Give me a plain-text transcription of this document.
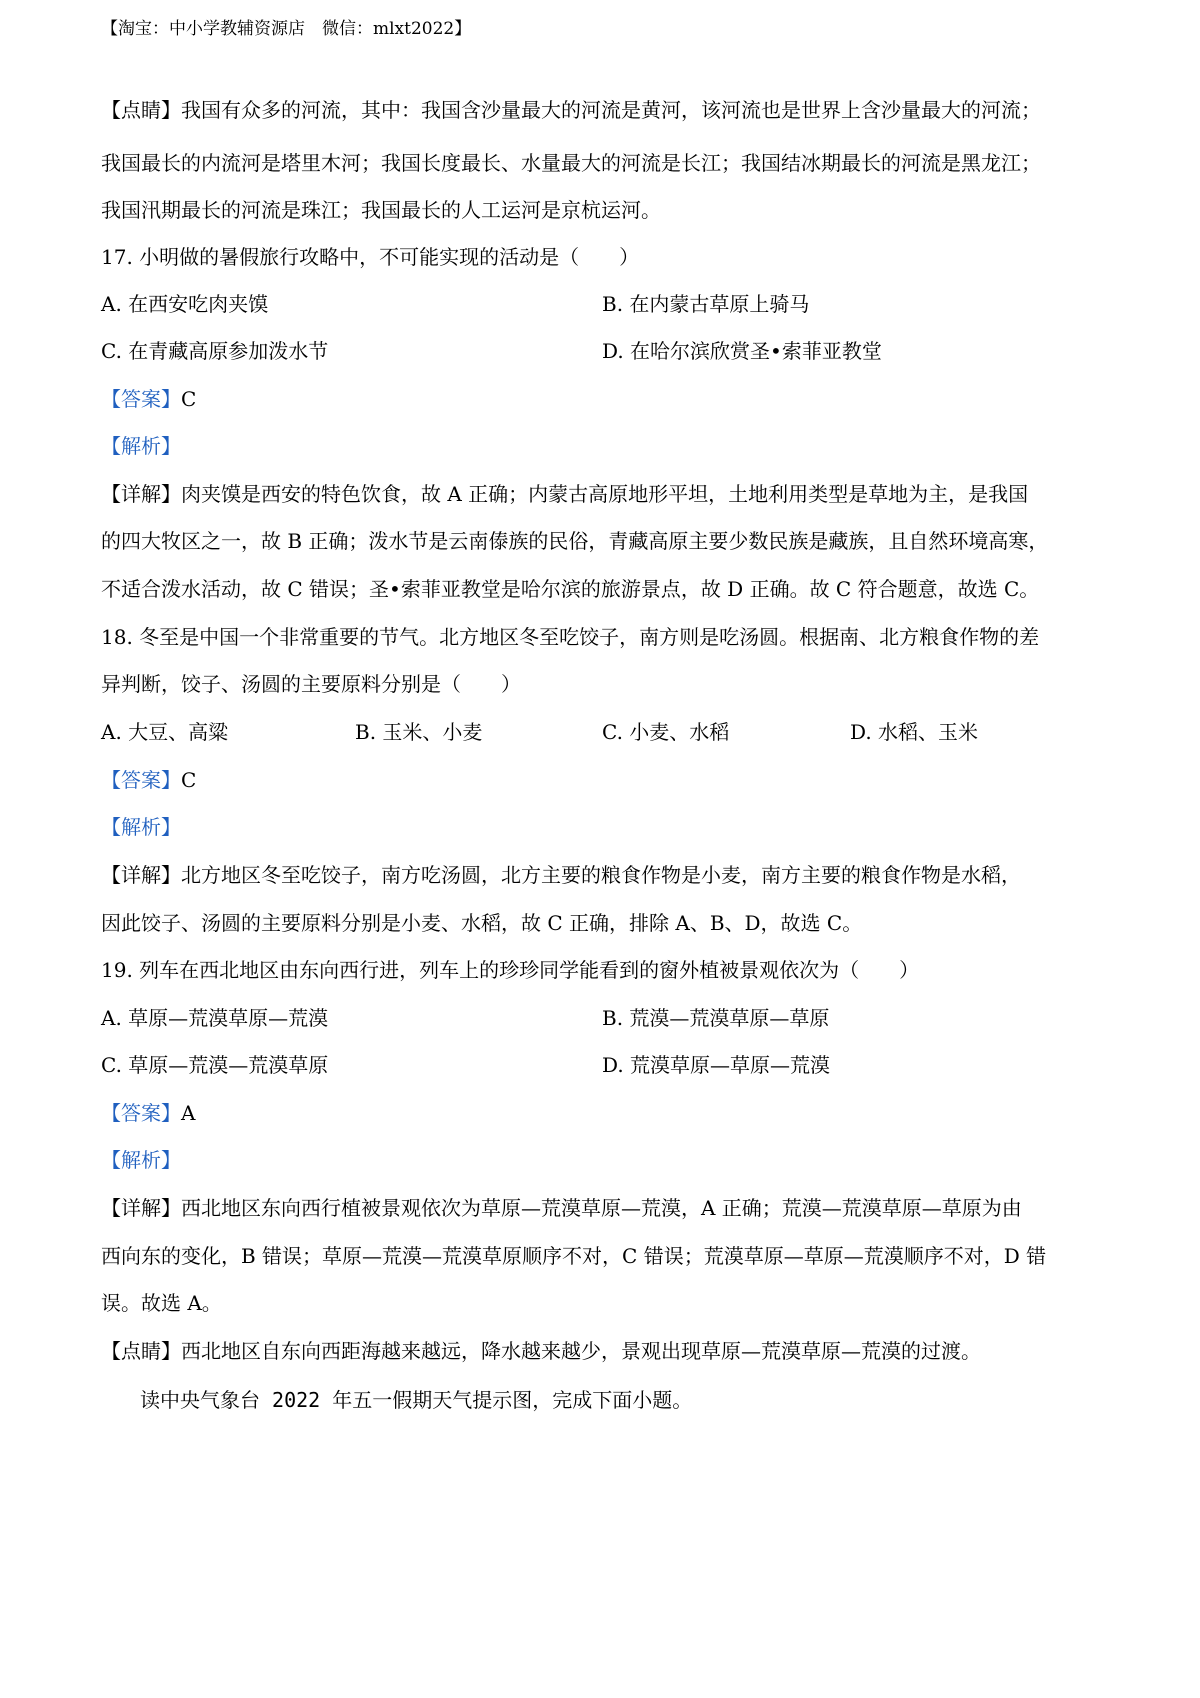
【淘宝：中小学教辅资源店　微信：mlxt2022】
【点睛】我国有众多的河流，其中：我国含沙量最大的河流是黄河，该河流也是世界上含沙量最大的河流；
我国最长的内流河是塔里木河；我国长度最长、水量最大的河流是长江；我国结冰期最长的河流是黑龙江；
我国汛期最长的河流是珠江；我国最长的人工运河是京杭运河。
17. 小明做的暑假旅行攻略中，不可能实现的活动是（　　）
A. 在西安吃肉夹馍	B. 在内蒙古草原上骑马
C. 在青藏高原参加泼水节	D. 在哈尔滨欣赏圣•索菲亚教堂
【答案】C
【解析】
【详解】肉夹馍是西安的特色饮食，故 A 正确；内蒙古高原地形平坦，土地利用类型是草地为主，是我国
的四大牧区之一，故 B 正确；泼水节是云南傣族的民俗，青藏高原主要少数民族是藏族，且自然环境高寒，
不适合泼水活动，故 C 错误；圣•索菲亚教堂是哈尔滨的旅游景点，故 D 正确。故 C 符合题意，故选 C。
18. 冬至是中国一个非常重要的节气。北方地区冬至吃饺子，南方则是吃汤圆。根据南、北方粮食作物的差
异判断，饺子、汤圆的主要原料分别是（　　）
A. 大豆、高粱	B. 玉米、小麦	C. 小麦、水稻	D. 水稻、玉米
【答案】C
【解析】
【详解】北方地区冬至吃饺子，南方吃汤圆，北方主要的粮食作物是小麦，南方主要的粮食作物是水稻，
因此饺子、汤圆的主要原料分别是小麦、水稻，故 C 正确，排除 A、B、D，故选 C。
19. 列车在西北地区由东向西行进，列车上的珍珍同学能看到的窗外植被景观依次为（　　）
A. 草原—荒漠草原—荒漠	B. 荒漠—荒漠草原—草原
C. 草原—荒漠—荒漠草原	D. 荒漠草原—草原—荒漠
【答案】A
【解析】
【详解】西北地区东向西行植被景观依次为草原—荒漠草原—荒漠，A 正确；荒漠—荒漠草原—草原为由
西向东的变化，B 错误；草原—荒漠—荒漠草原顺序不对，C 错误；荒漠草原—草原—荒漠顺序不对，D 错
误。故选 A。
【点睛】西北地区自东向西距海越来越远，降水越来越少，景观出现草原—荒漠草原—荒漠的过渡。
读中央气象台 2022 年五一假期天气提示图，完成下面小题。
